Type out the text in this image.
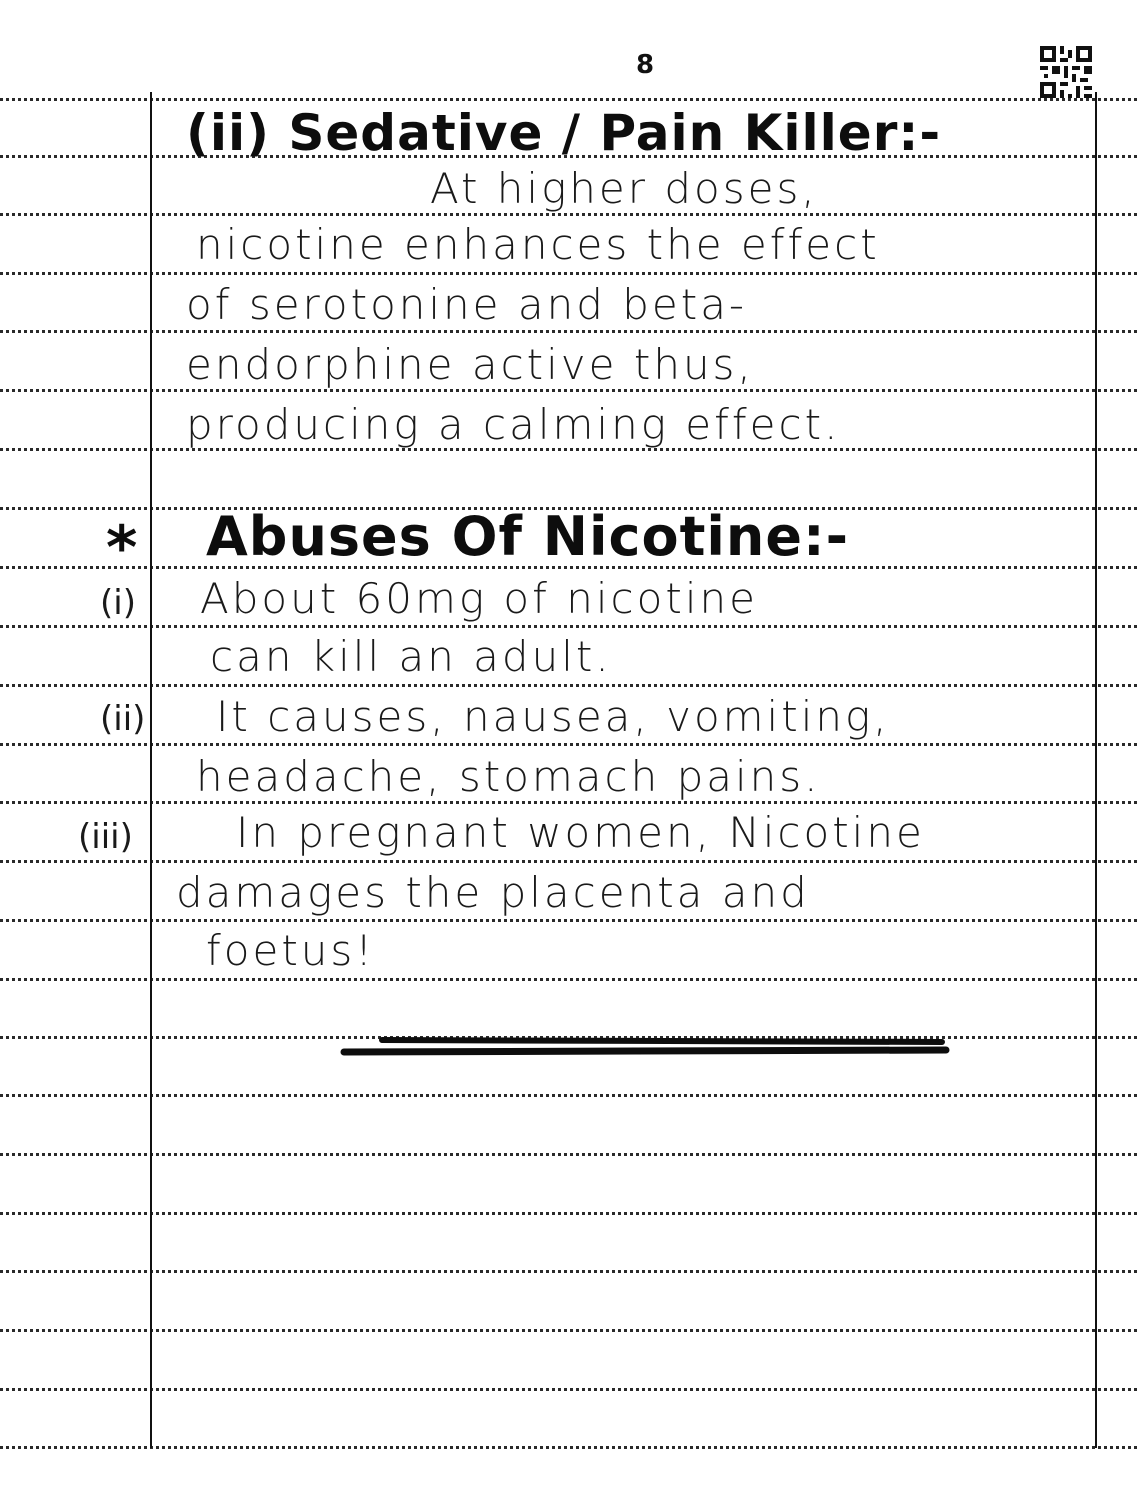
8
(ii) Sedative / Pain Killer:-
At higher doses,
nicotine enhances the effect
of serotonine and beta-
endorphine active thus,
producing a calming effect.
* Abuses Of Nicotine:-
(i) About 60mg of nicotine
can kill an adult.
(ii) It causes, nausea, vomiting,
headache, stomach pains.
(iii) In pregnant women, Nicotine
damages the placenta and
foetus!
